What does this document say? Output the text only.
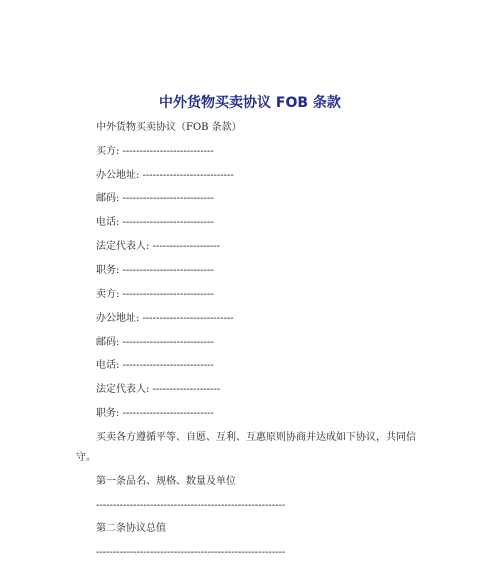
中外货物买卖协议 FOB 条款
中外货物买卖协议（FOB 条款）
买方: ---------------------------
办公地址: ---------------------------
邮码: ---------------------------
电话: ---------------------------
法定代表人: --------------------
职务: ---------------------------
卖方: ---------------------------
办公地址: ---------------------------
邮码: ---------------------------
电话: ---------------------------
法定代表人: --------------------
职务: ---------------------------
买卖各方遵循平等、自愿、互利、互惠原则协商并达成如下协议，共同信
守。
第一条品名、规格、数量及单位
--------------------------------------------------------
第二条协议总值
--------------------------------------------------------
